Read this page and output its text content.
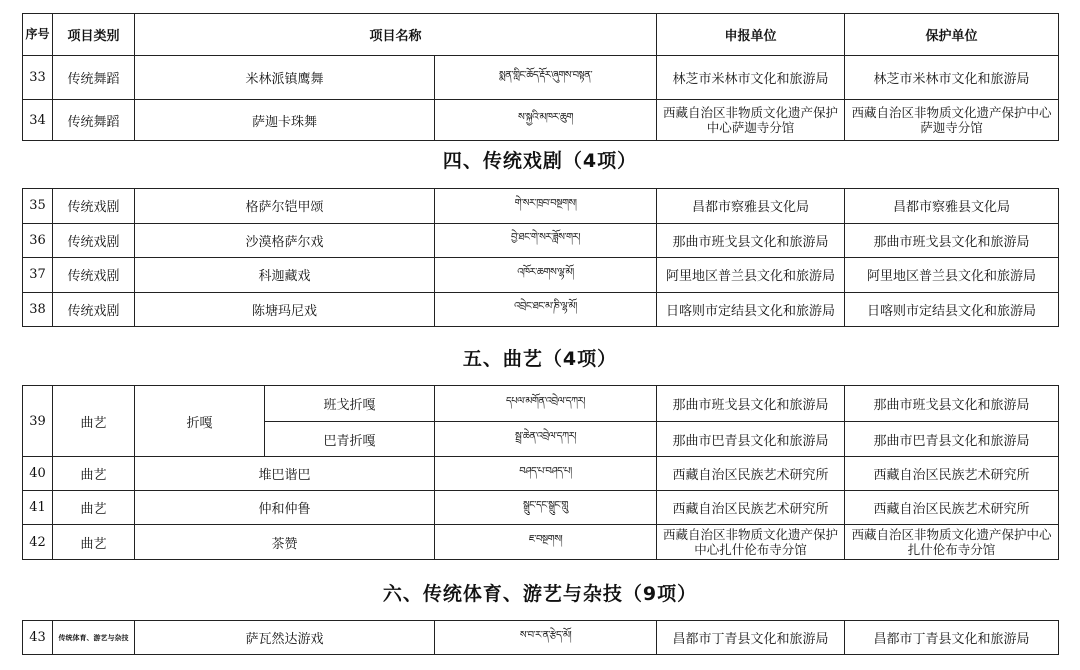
序号	项目类别	项目名称		申报单位	保护单位
33	传统舞蹈	米林派镇鹰舞	སྨན་གླིང་ཆོད་རྡོར་ཞུགས་བསྟན་	林芝市米林市文化和旅游局	林芝市米林市文化和旅游局
34	传统舞蹈	萨迦卡珠舞	ས་སྐྱའི་མཁར་ཆུག	西藏自治区非物质文化遗产保护中心萨迦寺分馆	西藏自治区非物质文化遗产保护中心萨迦寺分馆
四、传统戏剧（4项）
35	传统戏剧	格萨尔铠甲颂	གེ་སར་ཁྲབ་བསྔགས།	昌都市察雅县文化局	昌都市察雅县文化局
36	传统戏剧	沙漠格萨尔戏	བྱེ་ཐང་གེ་སར་ཟློས་གར།	那曲市班戈县文化和旅游局	那曲市班戈县文化和旅游局
37	传统戏剧	科迦藏戏	འཁོར་ཆགས་ལྷ་མོ།	阿里地区普兰县文化和旅游局	阿里地区普兰县文化和旅游局
38	传统戏剧	陈塘玛尼戏	འབྲེང་ཐང་མ་ཎི་ལྷ་མོ།	日喀则市定结县文化和旅游局	日喀则市定结县文化和旅游局
五、曲艺（4项）
39	曲艺	折嘎	班戈折嘎	དཔལ་མགོན་འབྲེལ་དཀར།	那曲市班戈县文化和旅游局	那曲市班戈县文化和旅游局
			巴青折嘎	སྦྲ་ཆེན་འབྲེལ་དཀར།	那曲市巴青县文化和旅游局	那曲市巴青县文化和旅游局
40	曲艺	堆巴谐巴		བཤད་པ་བཤད་པ།	西藏自治区民族艺术研究所	西藏自治区民族艺术研究所
41	曲艺	仲和仲鲁		སྒྲུང་དང་སྒྲུང་གླུ	西藏自治区民族艺术研究所	西藏自治区民族艺术研究所
42	曲艺	茶赞		ཇ་བསྔགས།	西藏自治区非物质文化遗产保护中心扎什伦布寺分馆	西藏自治区非物质文化遗产保护中心扎什伦布寺分馆
六、传统体育、游艺与杂技（9项）
43	传统体育、游艺与杂技	萨瓦然达游戏	ས་བ་ར་ན་རྩེད་མོ།	昌都市丁青县文化和旅游局	昌都市丁青县文化和旅游局
